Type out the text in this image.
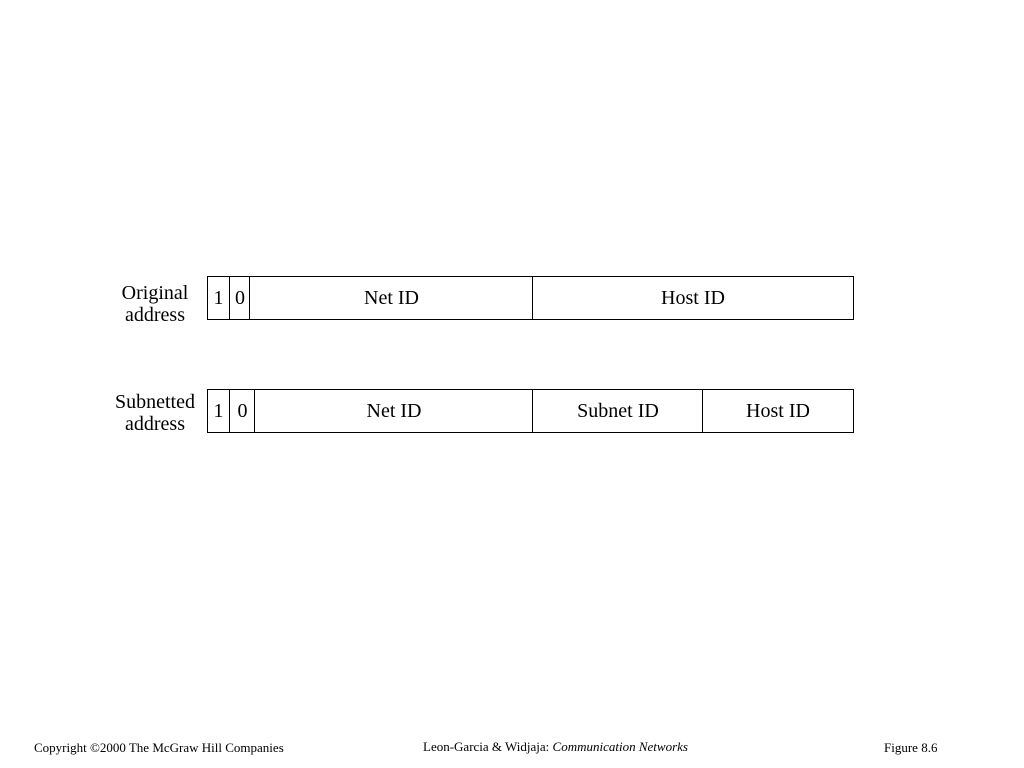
Original
address
1 0	Net ID	Host ID
Subnetted
address
1 0	Net ID	Subnet ID	Host ID
Copyright ©2000 The McGraw Hill Companies	Leon-Garcia & Widjaja: Communication Networks	Figure 8.6
